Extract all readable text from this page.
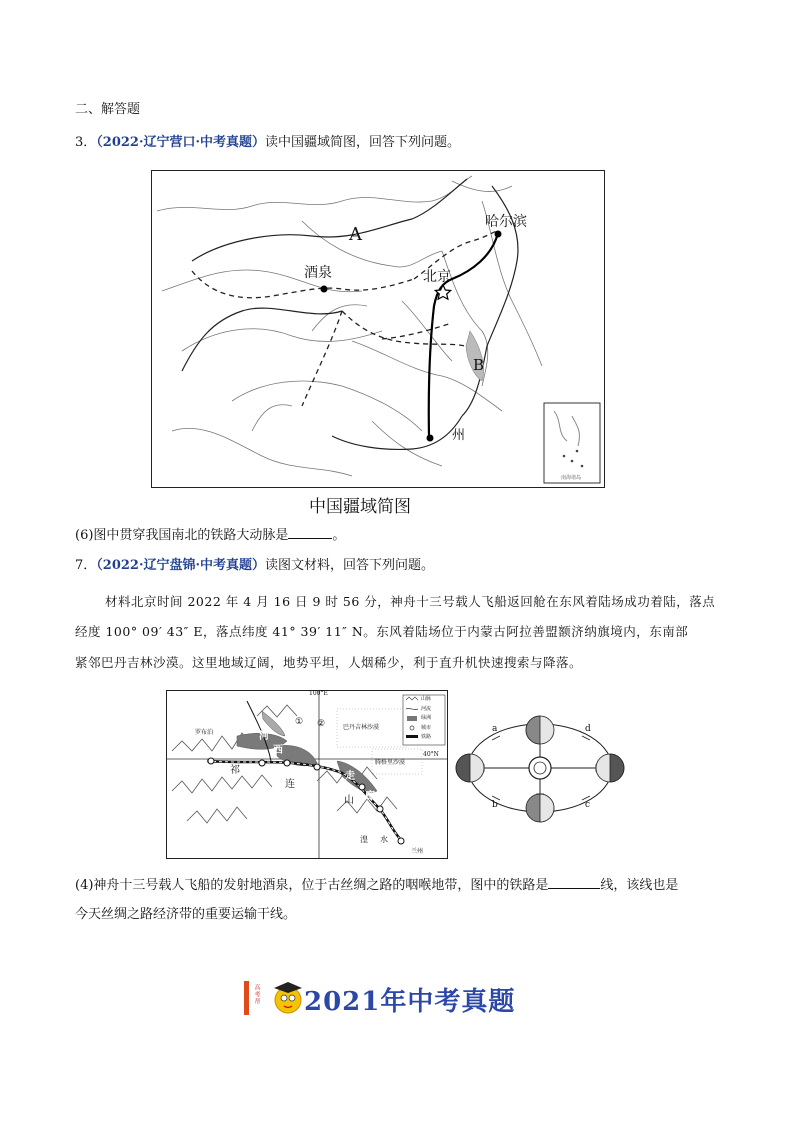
二、解答题
3．（2022·辽宁营口·中考真题）读中国疆域简图，回答下列问题。
A
B
哈尔滨
酒泉	北京
州
南海诸岛
中国疆域简图
(6)图中贯穿我国南北的铁路大动脉是	。
7．（2022·辽宁盘锦·中考真题）读图文材料，回答下列问题。
材料北京时间 2022 年 4 月 16 日 9 时 56 分，神舟十三号载人飞船返回舱在东风着陆场成功着陆，落点
经度 100° 09′ 43″ E，落点纬度 41° 39′ 11″ N。东风着陆场位于内蒙古阿拉善盟额济纳旗境内，东南部
紧邻巴丹吉林沙漠。这里地域辽阔，地势平坦，人烟稀少，利于直升机快速搜索与降落。
100°E
40°N
巴丹吉林沙漠
腾格里沙漠
罗布泊	河
西
走
廊
祁
连
山
湟 水
兰州
① ②
山脉
河流
绿洲
城市
铁路
a
b	c
d
(4)神舟十三号载人飞船的发射地酒泉，位于古丝绸之路的咽喉地带，图中的铁路是	线，该线也是
今天丝绸之路经济带的重要运输干线。
高考帮 2021年中考真题
